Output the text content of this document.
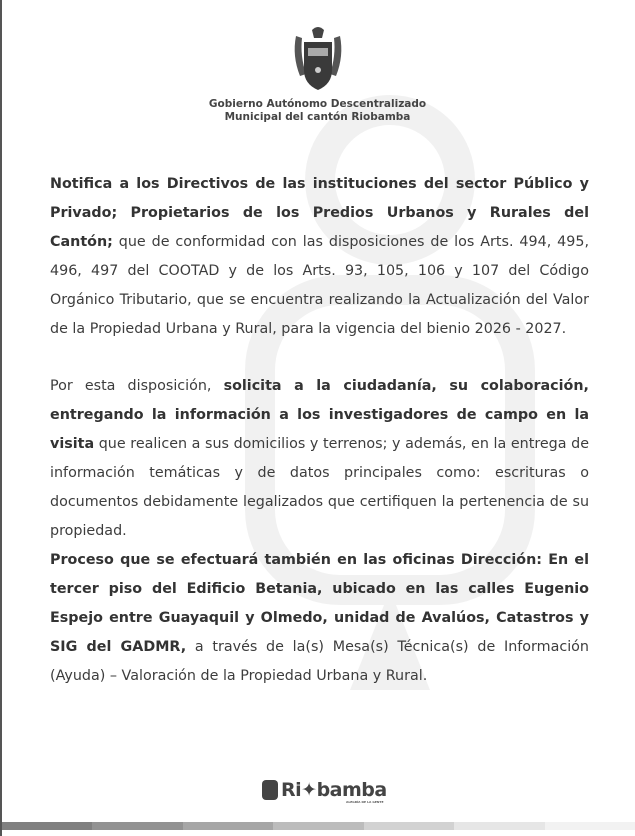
Gobierno Autónomo Descentralizado
Municipal del cantón Riobamba
Notifica a los Directivos de las instituciones del sector Público y Privado; Propietarios de los Predios Urbanos y Rurales del Cantón; que de conformidad con las disposiciones de los Arts. 494, 495, 496, 497 del COOTAD y de los Arts. 93, 105, 106 y 107 del Código Orgánico Tributario, que se encuentra realizando la Actualización del Valor de la Propiedad Urbana y Rural, para la vigencia del bienio 2026 - 2027.
Por esta disposición, solicita a la ciudadanía, su colaboración, entregando la información a los investigadores de campo en la visita que realicen a sus domicilios y terrenos; y además, en la entrega de información temáticas y de datos principales como: escrituras o documentos debidamente legalizados que certifiquen la pertenencia de su propiedad.
Proceso que se efectuará también en las oficinas Dirección: En el tercer piso del Edificio Betania, ubicado en las calles Eugenio Espejo entre Guayaquil y Olmedo, unidad de Avalúos, Catastros y SIG del GADMR, a través de la(s) Mesa(s) Técnica(s) de Información (Ayuda) – Valoración de la Propiedad Urbana y Rural.
Ri✦bamba
ALEGRÍA DE LA GENTE
